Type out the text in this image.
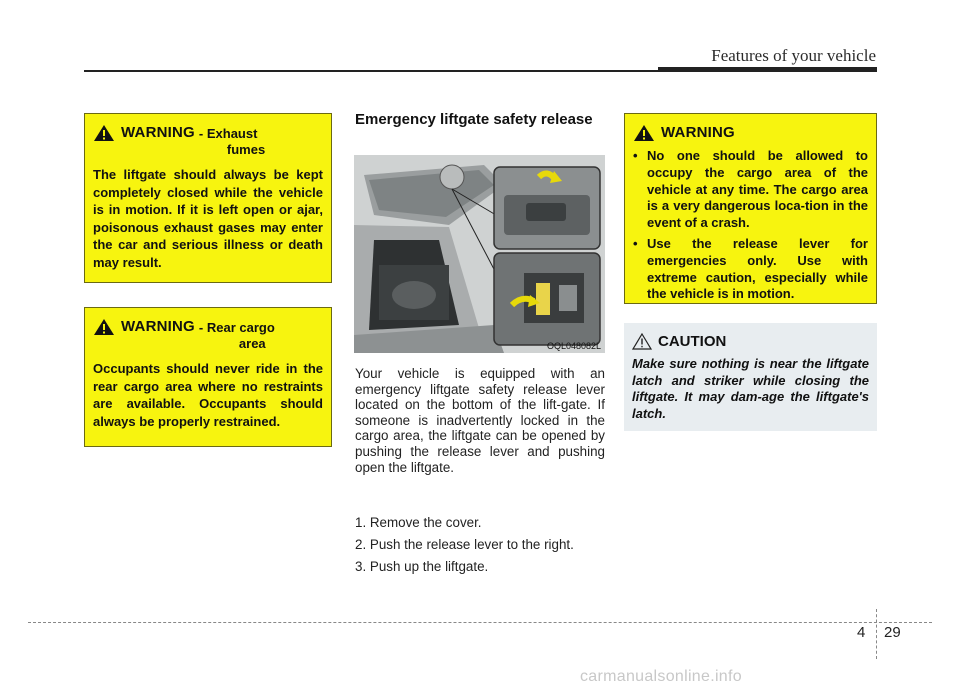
Features of your vehicle
WARNING - Exhaust
fumes
The liftgate should always be kept completely closed while the vehicle is in motion. If it is left open or ajar, poisonous exhaust gases may enter the car and serious illness or death may result.
WARNING - Rear cargo
area
Occupants should never ride in the rear cargo area where no restraints are available. Occupants should always be properly restrained.
Emergency liftgate safety release
OQL048082L
Your vehicle is equipped with an emergency liftgate safety release lever located on the bottom of the lift-gate. If someone is inadvertently locked in the cargo area, the liftgate can be opened by pushing the release lever and pushing open the liftgate.
1. Remove the cover.
2. Push the release lever to the right.
3. Push up the liftgate.
WARNING
• No one should be allowed to occupy the cargo area of the vehicle at any time. The cargo area is a very dangerous loca-tion in the event of a crash.
• Use the release lever for emergencies only. Use with extreme caution, especially while the vehicle is in motion.
CAUTION
Make sure nothing is near the liftgate latch and striker while closing the liftgate. It may dam-age the liftgate's latch.
4 29
carmanualsonline.info
